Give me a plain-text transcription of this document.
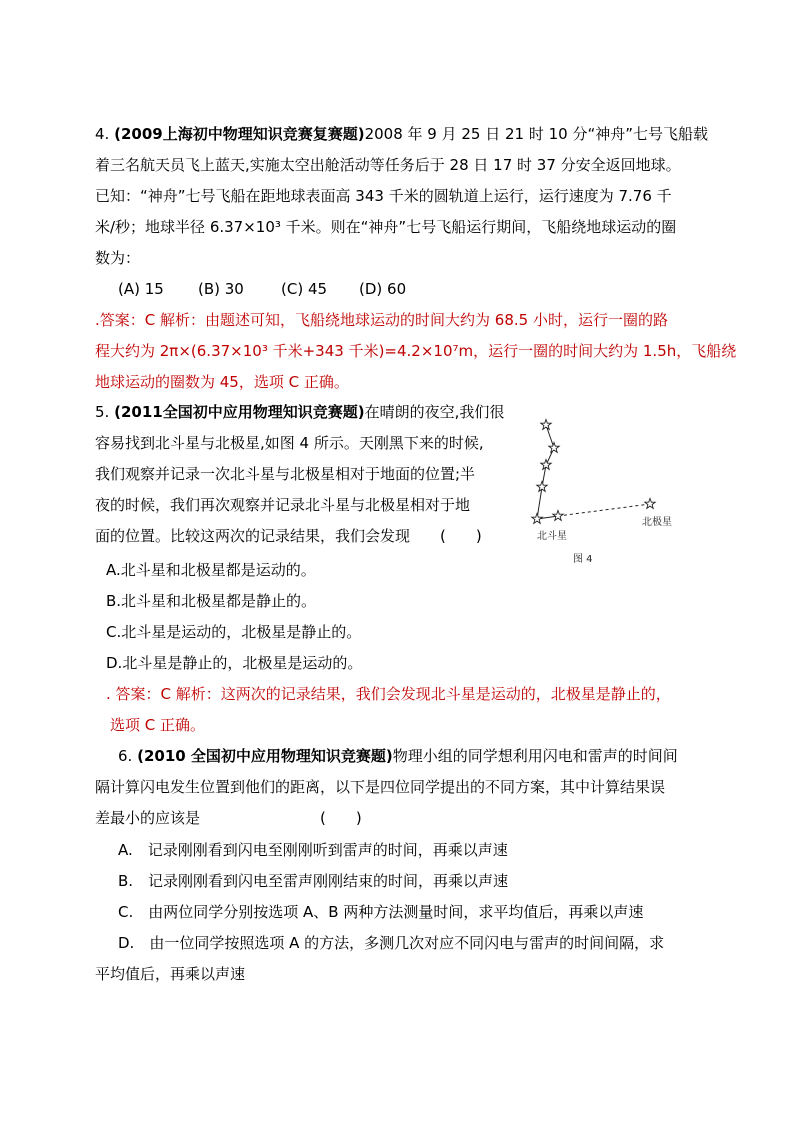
4. (2009上海初中物理知识竞赛复赛题)2008 年 9 月 25 日 21 时 10 分“神舟”七号飞船载
着三名航天员飞上蓝天,实施太空出舱活动等任务后于 28 日 17 时 37 分安全返回地球。
已知：“神舟”七号飞船在距地球表面高 343 千米的圆轨道上运行，运行速度为 7.76 千
米/秒；地球半径 6.37×10³ 千米。则在“神舟”七号飞船运行期间，飞船绕地球运动的圈
数为：
(A) 15 (B) 30 (C) 45 (D) 60
.答案：C 解析：由题述可知，飞船绕地球运动的时间大约为 68.5 小时，运行一圈的路
程大约为 2π×(6.37×10³ 千米+343 千米)=4.2×10⁷m，运行一圈的时间大约为 1.5h，飞船绕
地球运动的圈数为 45，选项 C 正确。
5. (2011全国初中应用物理知识竞赛题)在晴朗的夜空,我们很
容易找到北斗星与北极星,如图 4 所示。天刚黑下来的时候,
我们观察并记录一次北斗星与北极星相对于地面的位置;半
夜的时候，我们再次观察并记录北斗星与北极星相对于地
面的位置。比较这两次的记录结果，我们会发现　　(　　)	北斗星
北极星
图 4
A.北斗星和北极星都是运动的。
B.北斗星和北极星都是静止的。
C.北斗星是运动的，北极星是静止的。
D.北斗星是静止的，北极星是运动的。
. 答案：C 解析：这两次的记录结果，我们会发现北斗星是运动的，北极星是静止的，
选项 C 正确。
6. (2010 全国初中应用物理知识竞赛题)物理小组的同学想利用闪电和雷声的时间间
隔计算闪电发生位置到他们的距离，以下是四位同学提出的不同方案，其中计算结果误
差最小的应该是　　　　　　　　(　　)
A.　记录刚刚看到闪电至刚刚听到雷声的时间，再乘以声速
B.　记录刚刚看到闪电至雷声刚刚结束的时间，再乘以声速
C.　由两位同学分别按选项 A、B 两种方法测量时间，求平均值后，再乘以声速
D.　由一位同学按照选项 A 的方法，多测几次对应不同闪电与雷声的时间间隔，求
平均值后，再乘以声速
